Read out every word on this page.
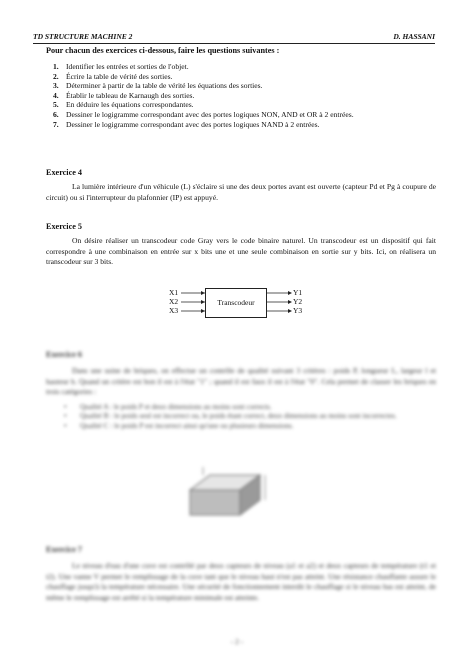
TD STRUCTURE MACHINE 2	D. HASSANI
Pour chacun des exercices ci-dessous, faire les questions suivantes :
1. Identifier les entrées et sorties de l'objet.
2. Écrire la table de vérité des sorties.
3. Déterminer à partir de la table de vérité les équations des sorties.
4. Établir le tableau de Karnaugh des sorties.
5. En déduire les équations correspondantes.
6. Dessiner le logigramme correspondant avec des portes logiques NON, AND et OR à 2 entrées.
7. Dessiner le logigramme correspondant avec des portes logiques NAND à 2 entrées.
Exercice 4
La lumière intérieure d'un véhicule (L) s'éclaire si une des deux portes avant est ouverte (capteur Pd et Pg à coupure de circuit) ou si l'interrupteur du plafonnier (IP) est appuyé.
Exercice 5
On désire réaliser un transcodeur code Gray vers le code binaire naturel. Un transcodeur est un dispositif qui fait correspondre à une combinaison en entrée sur x bits une et une seule combinaison en sortie sur y bits. Ici, on réalisera un transcodeur sur 3 bits.
Transcodeur
X1
X2
X3
Y1
Y2
Y3
Exercice 6
Dans une usine de briques, on effectue un contrôle de qualité suivant 3 critères : poids P, longueur L, largeur l et hauteur h. Quand un critère est bon il est à l'état "1" ; quand il est faux il est à l'état "0". Cela permet de classer les briques en trois catégories :
• Qualité A : le poids P et deux dimensions au moins sont corrects.
• Qualité B : le poids seul est incorrect ou, le poids étant correct, deux dimensions au moins sont incorrectes.
• Qualité C : le poids P est incorrect ainsi qu'une ou plusieurs dimensions.
Exercice 7
Le niveau d'eau d'une cuve est contrôlé par deux capteurs de niveau (a1 et a2) et deux capteurs de température (t1 et t2). Une vanne V permet le remplissage de la cuve tant que le niveau haut n'est pas atteint. Une résistance chauffante assure le chauffage jusqu'à la température nécessaire. Une sécurité de fonctionnement interdit le chauffage si le niveau bas est atteint, de même le remplissage est arrêté si la température minimale est atteinte.
- 2 -
